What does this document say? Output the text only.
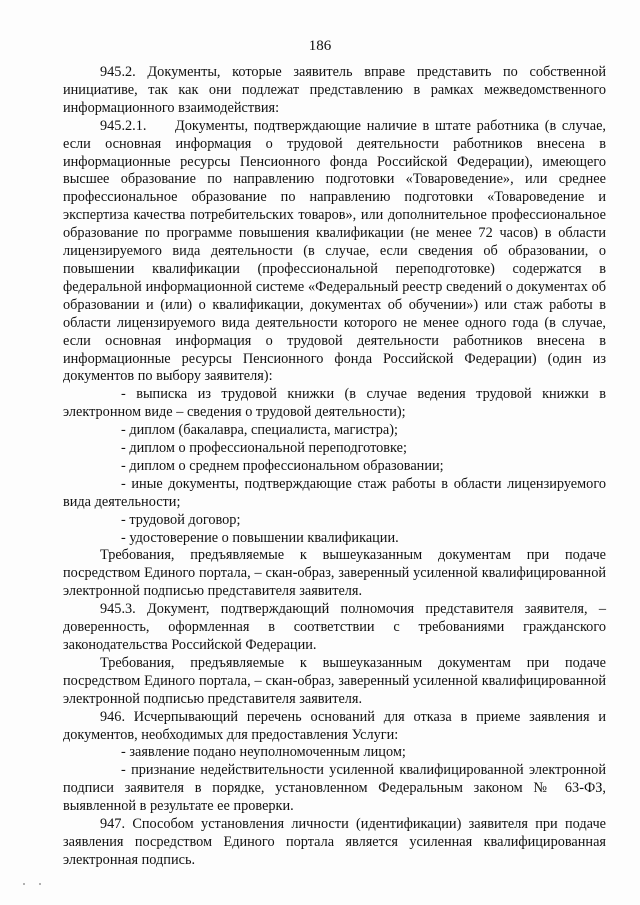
186

945.2. Документы, которые заявитель вправе представить по собственной инициативе, так как они подлежат представлению в рамках межведомственного информационного взаимодействия:

945.2.1.     Документы, подтверждающие наличие в штате работника (в случае, если основная информация о трудовой деятельности работников внесена в информационные ресурсы Пенсионного фонда Российской Федерации), имеющего высшее образование по направлению подготовки «Товароведение», или среднее профессиональное образование по направлению подготовки «Товароведение и экспертиза качества потребительских товаров», или дополнительное профессиональное образование по программе повышения квалификации (не менее 72 часов) в области лицензируемого вида деятельности (в случае, если сведения об образовании, о повышении квалификации (профессиональной переподготовке) содержатся в федеральной информационной системе «Федеральный реестр сведений о документах об образовании и (или) о квалификации, документах об обучении») или стаж работы в области лицензируемого вида деятельности которого не менее одного года (в случае, если основная информация о трудовой деятельности работников внесена в информационные ресурсы Пенсионного фонда Российской Федерации) (один из документов по выбору заявителя):

- выписка из трудовой книжки (в случае ведения трудовой книжки в электронном виде – сведения о трудовой деятельности);

- диплом (бакалавра, специалиста, магистра);

- диплом о профессиональной переподготовке;

- диплом о среднем профессиональном образовании;

- иные документы, подтверждающие стаж работы в области лицензируемого вида деятельности;

- трудовой договор;

- удостоверение о повышении квалификации.

Требования, предъявляемые к вышеуказанным документам при подаче посредством Единого портала, – скан-образ, заверенный усиленной квалифицированной электронной подписью представителя заявителя.

945.3. Документ, подтверждающий полномочия представителя заявителя, – доверенность, оформленная в соответствии с требованиями гражданского законодательства Российской Федерации.

Требования, предъявляемые к вышеуказанным документам при подаче посредством Единого портала, – скан-образ, заверенный усиленной квалифицированной электронной подписью представителя заявителя.

946. Исчерпывающий перечень оснований для отказа в приеме заявления и документов, необходимых для предоставления Услуги:

- заявление подано неуполномоченным лицом;

- признание недействительности усиленной квалифицированной электронной подписи заявителя в порядке, установленном Федеральным законом № 63-ФЗ, выявленной в результате ее проверки.

947. Способом установления личности (идентификации) заявителя при подаче заявления посредством Единого портала является усиленная квалифицированная электронная подпись.
